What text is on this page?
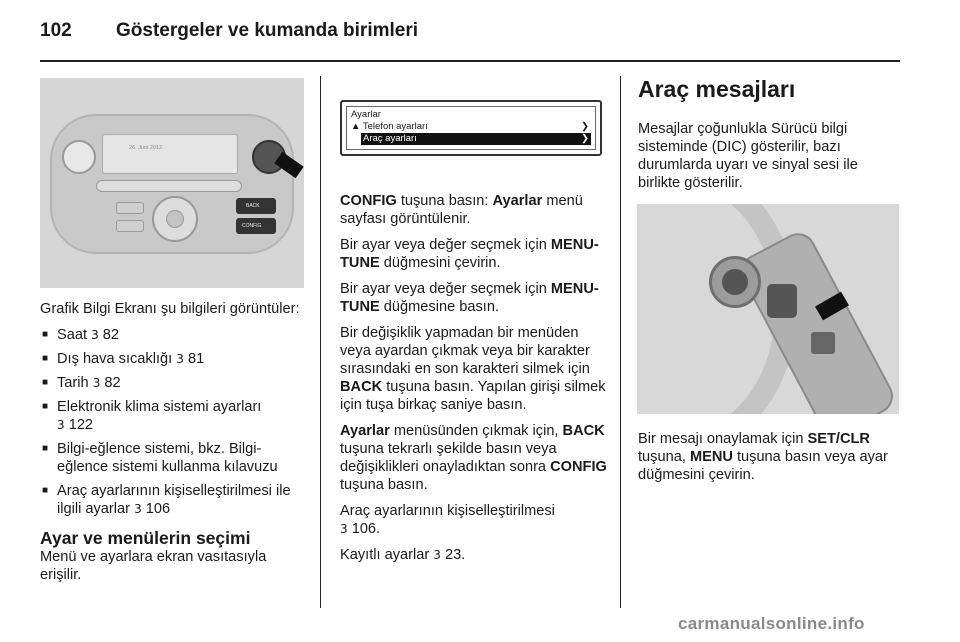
102 Göstergeler ve kumanda birimleri
26. Juni 2012
BACK
CONFIG

Grafik Bilgi Ekranı şu bilgileri görüntüler:

■ Saat 3 82
■ Dış hava sıcaklığı 3 81
■ Tarih 3 82
■ Elektronik klima sistemi ayarları
3 122
■ Bilgi-eğlence sistemi, bkz. Bilgi-eğlence sistemi kullanma kılavuzu
■ Araç ayarlarının kişiselleştirilmesi ile ilgili ayarlar 3 106
Ayar ve menülerin seçimi

Menü ve ayarlara ekran vasıtasıyla erişilir.

Ayarlar
▲ Telefon ayarları	❯
Araç ayarları	❯

CONFIG tuşuna basın: Ayarlar menü sayfası görüntülenir.

Bir ayar veya değer seçmek için MENU-TUNE düğmesini çevirin.

Bir ayar veya değer seçmek için MENU-TUNE düğmesine basın.

Bir değişiklik yapmadan bir menüden veya ayardan çıkmak veya bir karakter sırasındaki en son karakteri silmek için BACK tuşuna basın. Yapılan girişi silmek için tuşa birkaç saniye basın.

Ayarlar menüsünden çıkmak için, BACK tuşuna tekrarlı şekilde basın veya değişiklikleri onayladıktan sonra CONFIG tuşuna basın.

Araç ayarlarının kişiselleştirilmesi
3 106.

Kayıtlı ayarlar 3 23.

Araç mesajları

Mesajlar çoğunlukla Sürücü bilgi sisteminde (DIC) gösterilir, bazı durumlarda uyarı ve sinyal sesi ile birlikte gösterilir.

Bir mesajı onaylamak için SET/CLR tuşuna, MENU tuşuna basın veya ayar düğmesini çevirin.

carmanualsonline.info
